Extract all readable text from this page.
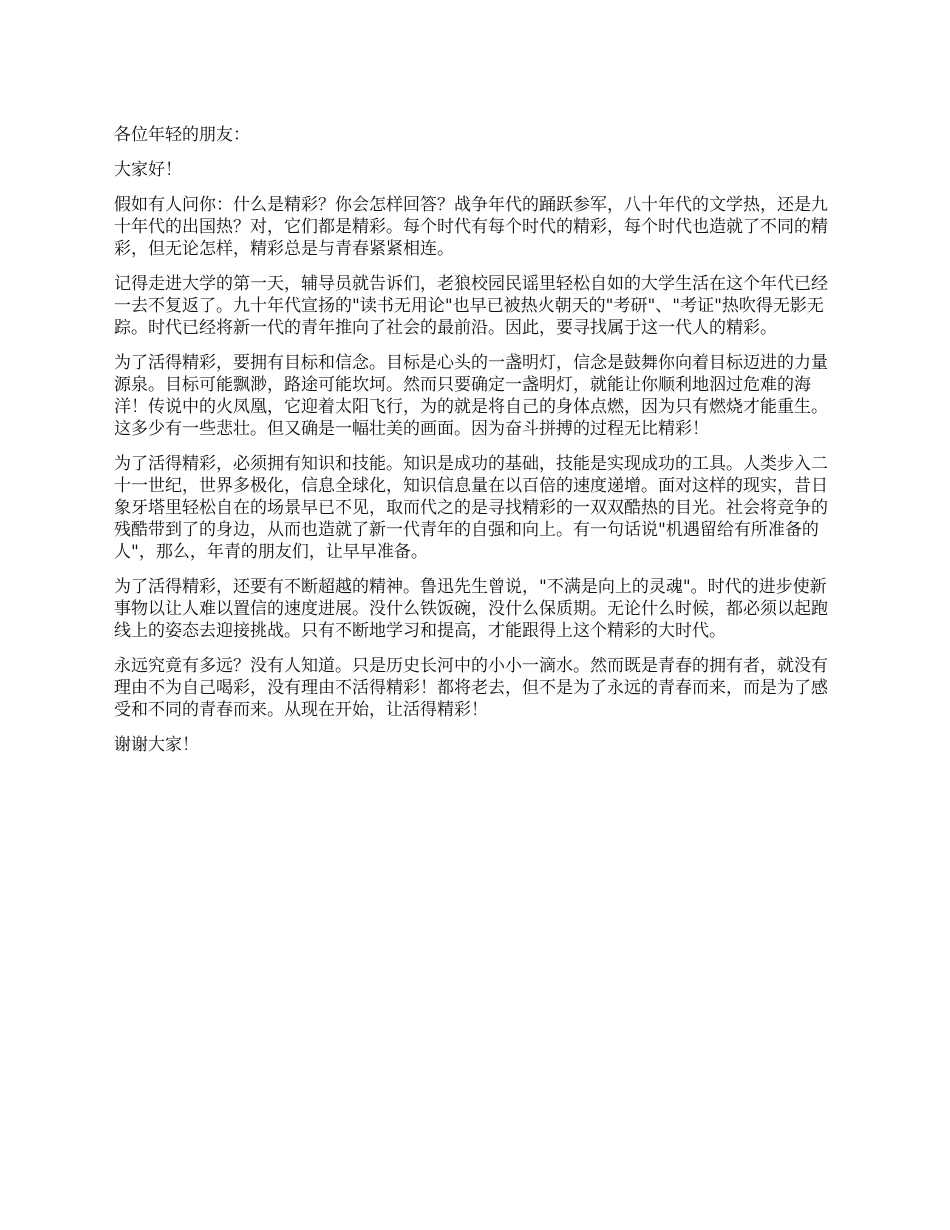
各位年轻的朋友：

大家好！

假如有人问你：什么是精彩？你会怎样回答？战争年代的踊跃参军，八十年代的文学热，还是九十年代的出国热？对，它们都是精彩。每个时代有每个时代的精彩，每个时代也造就了不同的精彩，但无论怎样，精彩总是与青春紧紧相连。

记得走进大学的第一天，辅导员就告诉们，老狼校园民谣里轻松自如的大学生活在这个年代已经一去不复返了。九十年代宣扬的"读书无用论"也早已被热火朝天的"考研"、"考证"热吹得无影无踪。时代已经将新一代的青年推向了社会的最前沿。因此，要寻找属于这一代人的精彩。

为了活得精彩，要拥有目标和信念。目标是心头的一盏明灯，信念是鼓舞你向着目标迈进的力量源泉。目标可能飘渺，路途可能坎坷。然而只要确定一盏明灯，就能让你顺利地泅过危难的海洋！传说中的火凤凰，它迎着太阳飞行，为的就是将自己的身体点燃，因为只有燃烧才能重生。这多少有一些悲壮。但又确是一幅壮美的画面。因为奋斗拼搏的过程无比精彩！

为了活得精彩，必须拥有知识和技能。知识是成功的基础，技能是实现成功的工具。人类步入二十一世纪，世界多极化，信息全球化，知识信息量在以百倍的速度递增。面对这样的现实，昔日象牙塔里轻松自在的场景早已不见，取而代之的是寻找精彩的一双双酷热的目光。社会将竞争的残酷带到了的身边，从而也造就了新一代青年的自强和向上。有一句话说"机遇留给有所准备的人"，那么，年青的朋友们，让早早准备。

为了活得精彩，还要有不断超越的精神。鲁迅先生曾说，"不满是向上的灵魂"。时代的进步使新事物以让人难以置信的速度进展。没什么铁饭碗，没什么保质期。无论什么时候，都必须以起跑线上的姿态去迎接挑战。只有不断地学习和提高，才能跟得上这个精彩的大时代。

永远究竟有多远？没有人知道。只是历史长河中的小小一滴水。然而既是青春的拥有者，就没有理由不为自己喝彩，没有理由不活得精彩！都将老去，但不是为了永远的青春而来，而是为了感受和不同的青春而来。从现在开始，让活得精彩！

谢谢大家！
